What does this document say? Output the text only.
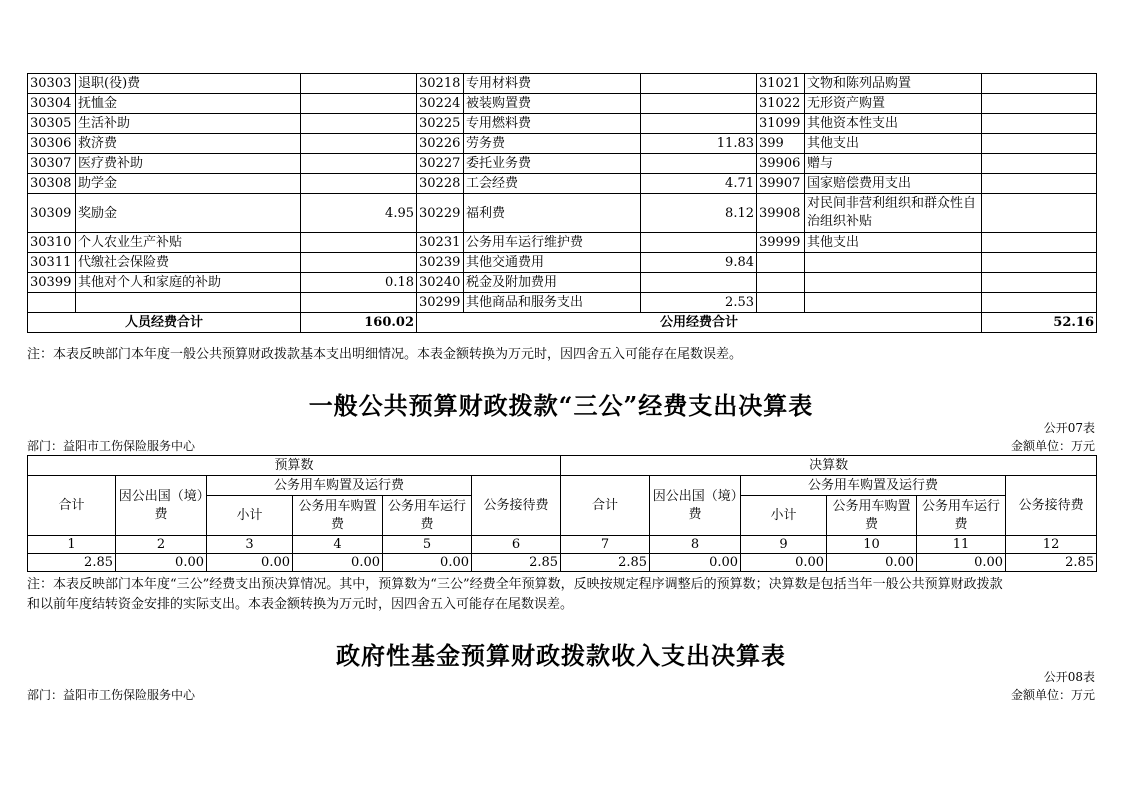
30303	退职(役)费		30218	专用材料费		31021	文物和陈列品购置	
30304	抚恤金		30224	被装购置费		31022	无形资产购置	
30305	生活补助		30225	专用燃料费		31099	其他资本性支出	
30306	救济费		30226	劳务费	11.83	399	其他支出	
30307	医疗费补助		30227	委托业务费		39906	赠与	
30308	助学金		30228	工会经费	4.71	39907	国家赔偿费用支出	
30309	奖励金	4.95	30229	福利费	8.12	39908	对民间非营利组织和群众性自治组织补贴	
30310	个人农业生产补贴		30231	公务用车运行维护费		39999	其他支出	
30311	代缴社会保险费		30239	其他交通费用	9.84			
30399	其他对个人和家庭的补助	0.18	30240	税金及附加费用				
			30299	其他商品和服务支出	2.53			
人员经费合计		160.02	公用经费合计					52.16
注：本表反映部门本年度一般公共预算财政拨款基本支出明细情况。本表金额转换为万元时，因四舍五入可能存在尾数误差。
一般公共预算财政拨款“三公”经费支出决算表
公开07表
部门：益阳市工伤保险服务中心	金额单位：万元
预算数						决算数					
合计	因公出国（境）费	公务用车购置及运行费			公务接待费	合计	因公出国（境）费	公务用车购置及运行费			公务接待费
		小计	公务用车购置费	公务用车运行费				小计	公务用车购置费	公务用车运行费	
1	2	3	4	5	6	7	8	9	10	11	12
2.85	0.00	0.00	0.00	0.00	2.85	2.85	0.00	0.00	0.00	0.00	2.85
注：本表反映部门本年度“三公”经费支出预决算情况。其中，预算数为“三公”经费全年预算数，反映按规定程序调整后的预算数；决算数是包括当年一般公共预算财政拨款
和以前年度结转资金安排的实际支出。本表金额转换为万元时，因四舍五入可能存在尾数误差。
政府性基金预算财政拨款收入支出决算表
公开08表
部门：益阳市工伤保险服务中心	金额单位：万元
